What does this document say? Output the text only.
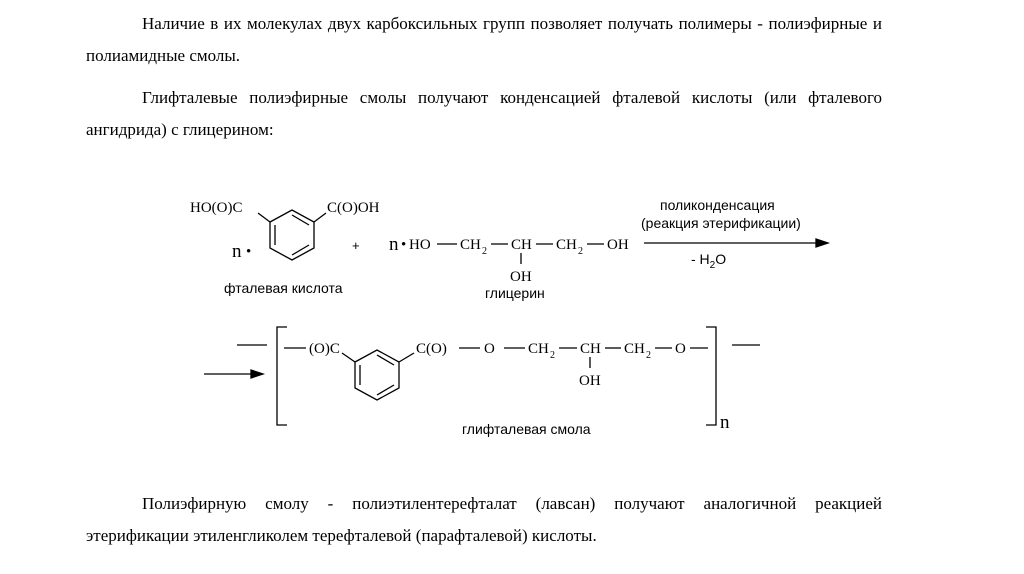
Наличие в их молекулах двух карбоксильных групп позволяет получать полимеры - полиэфирные и полиамидные смолы.

Глифталевые полиэфирные смолы получают конденсацией фталевой кислоты (или фталевого ангидрида) с глицерином:

Полиэфирную смолу - полиэтилентерефталат (лавсан) получают аналогичной реакцией этерификации этиленгликолем терефталевой (парафталевой) кислоты.

HO(O)C	C(O)OH
n •
фталевая кислота
+ n • HO CH 2 CH
OH
CH 2 OH
глицерин
поликонденсация
(реакция этерификации)
- $H_2O$
(O)C	C(O) O CH 2 CH
OH
CH 2 O
n
глифталевая смола
